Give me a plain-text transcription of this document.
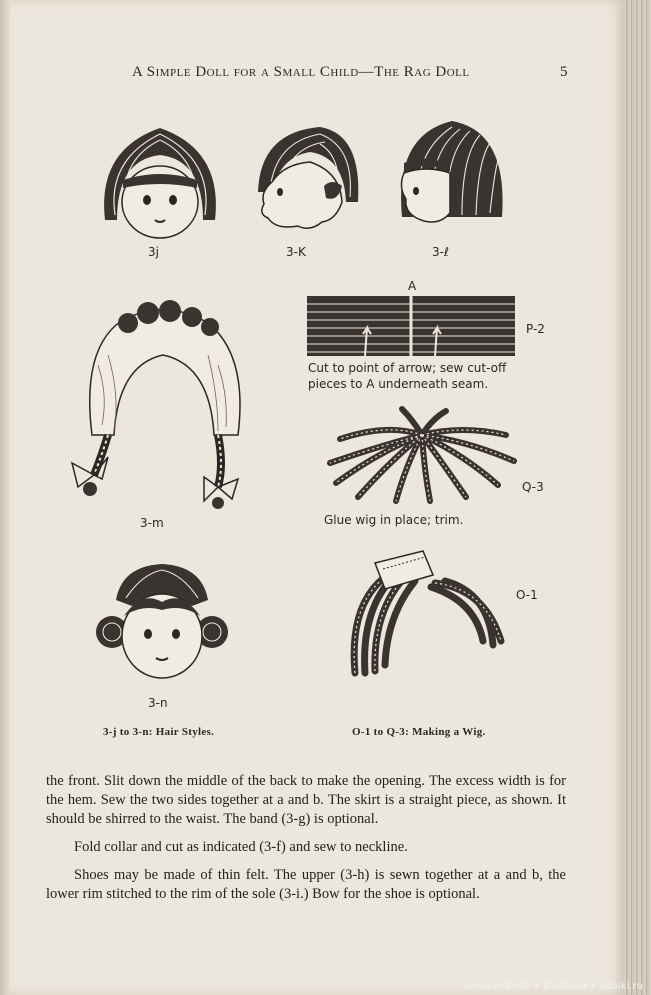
A Simple Doll for a Small Child—The Rag Doll	5
3j	3-K	3-ℓ
A
P-2
Cut to point of arrow; sew cut-off
pieces to A underneath seam.
3-m
Q-3
Glue wig in place; trim.
3-n
O-1
3-j to 3-n: Hair Styles.	O-1 to Q-3: Making a Wig.

the front. Slit down the middle of the back to make the opening. The excess width is for the hem. Sew the two sides together at a and b. The skirt is a straight piece, as shown. It should be shirred to the waist. The band (3-g) is optional.

Fold collar and cut as indicated (3-f) and sew to neckline.

Shoes may be made of thin felt. The upper (3-h) is sewn together at a and b, the lower rim stitched to the rim of the sole (3-i.) Bow for the shoe is optional.

Antique-Dolls • Бэйбики • babiki.ru
